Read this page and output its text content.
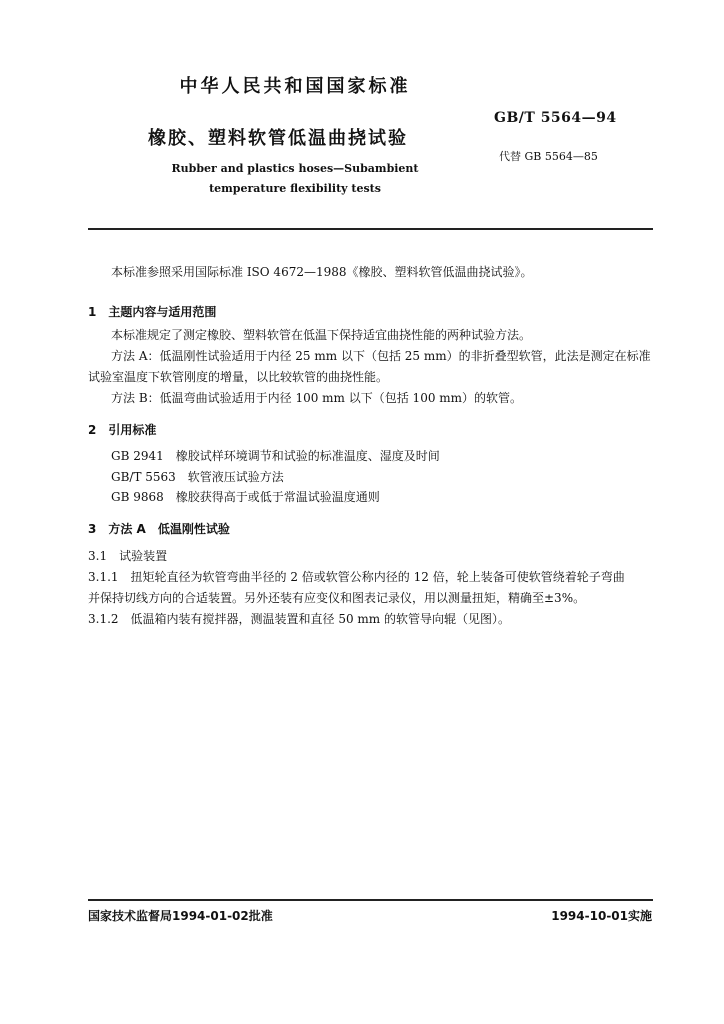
中华人民共和国国家标准
GB/T 5564—94
橡胶、塑料软管低温曲挠试验
代替 GB 5564—85
Rubber and plastics hoses—Subambient
temperature flexibility tests
本标准参照采用国际标准 ISO 4672—1988《橡胶、塑料软管低温曲挠试验》。
1　主题内容与适用范围
本标准规定了测定橡胶、塑料软管在低温下保持适宜曲挠性能的两种试验方法。
方法 A：低温刚性试验适用于内径 25 mm 以下（包括 25 mm）的非折叠型软管，此法是测定在标准
试验室温度下软管刚度的增量，以比较软管的曲挠性能。
方法 B：低温弯曲试验适用于内径 100 mm 以下（包括 100 mm）的软管。
2　引用标准
GB 2941　橡胶试样环境调节和试验的标准温度、湿度及时间
GB/T 5563　软管液压试验方法
GB 9868　橡胶获得高于或低于常温试验温度通则
3　方法 A　低温刚性试验
3.1　试验装置
3.1.1　扭矩轮直径为软管弯曲半径的 2 倍或软管公称内径的 12 倍，轮上装备可使软管绕着轮子弯曲
并保持切线方向的合适装置。另外还装有应变仪和图表记录仪，用以测量扭矩，精确至±3%。
3.1.2　低温箱内装有搅拌器，测温装置和直径 50 mm 的软管导向辊（见图）。
国家技术监督局1994-01-02批准	1994-10-01实施
